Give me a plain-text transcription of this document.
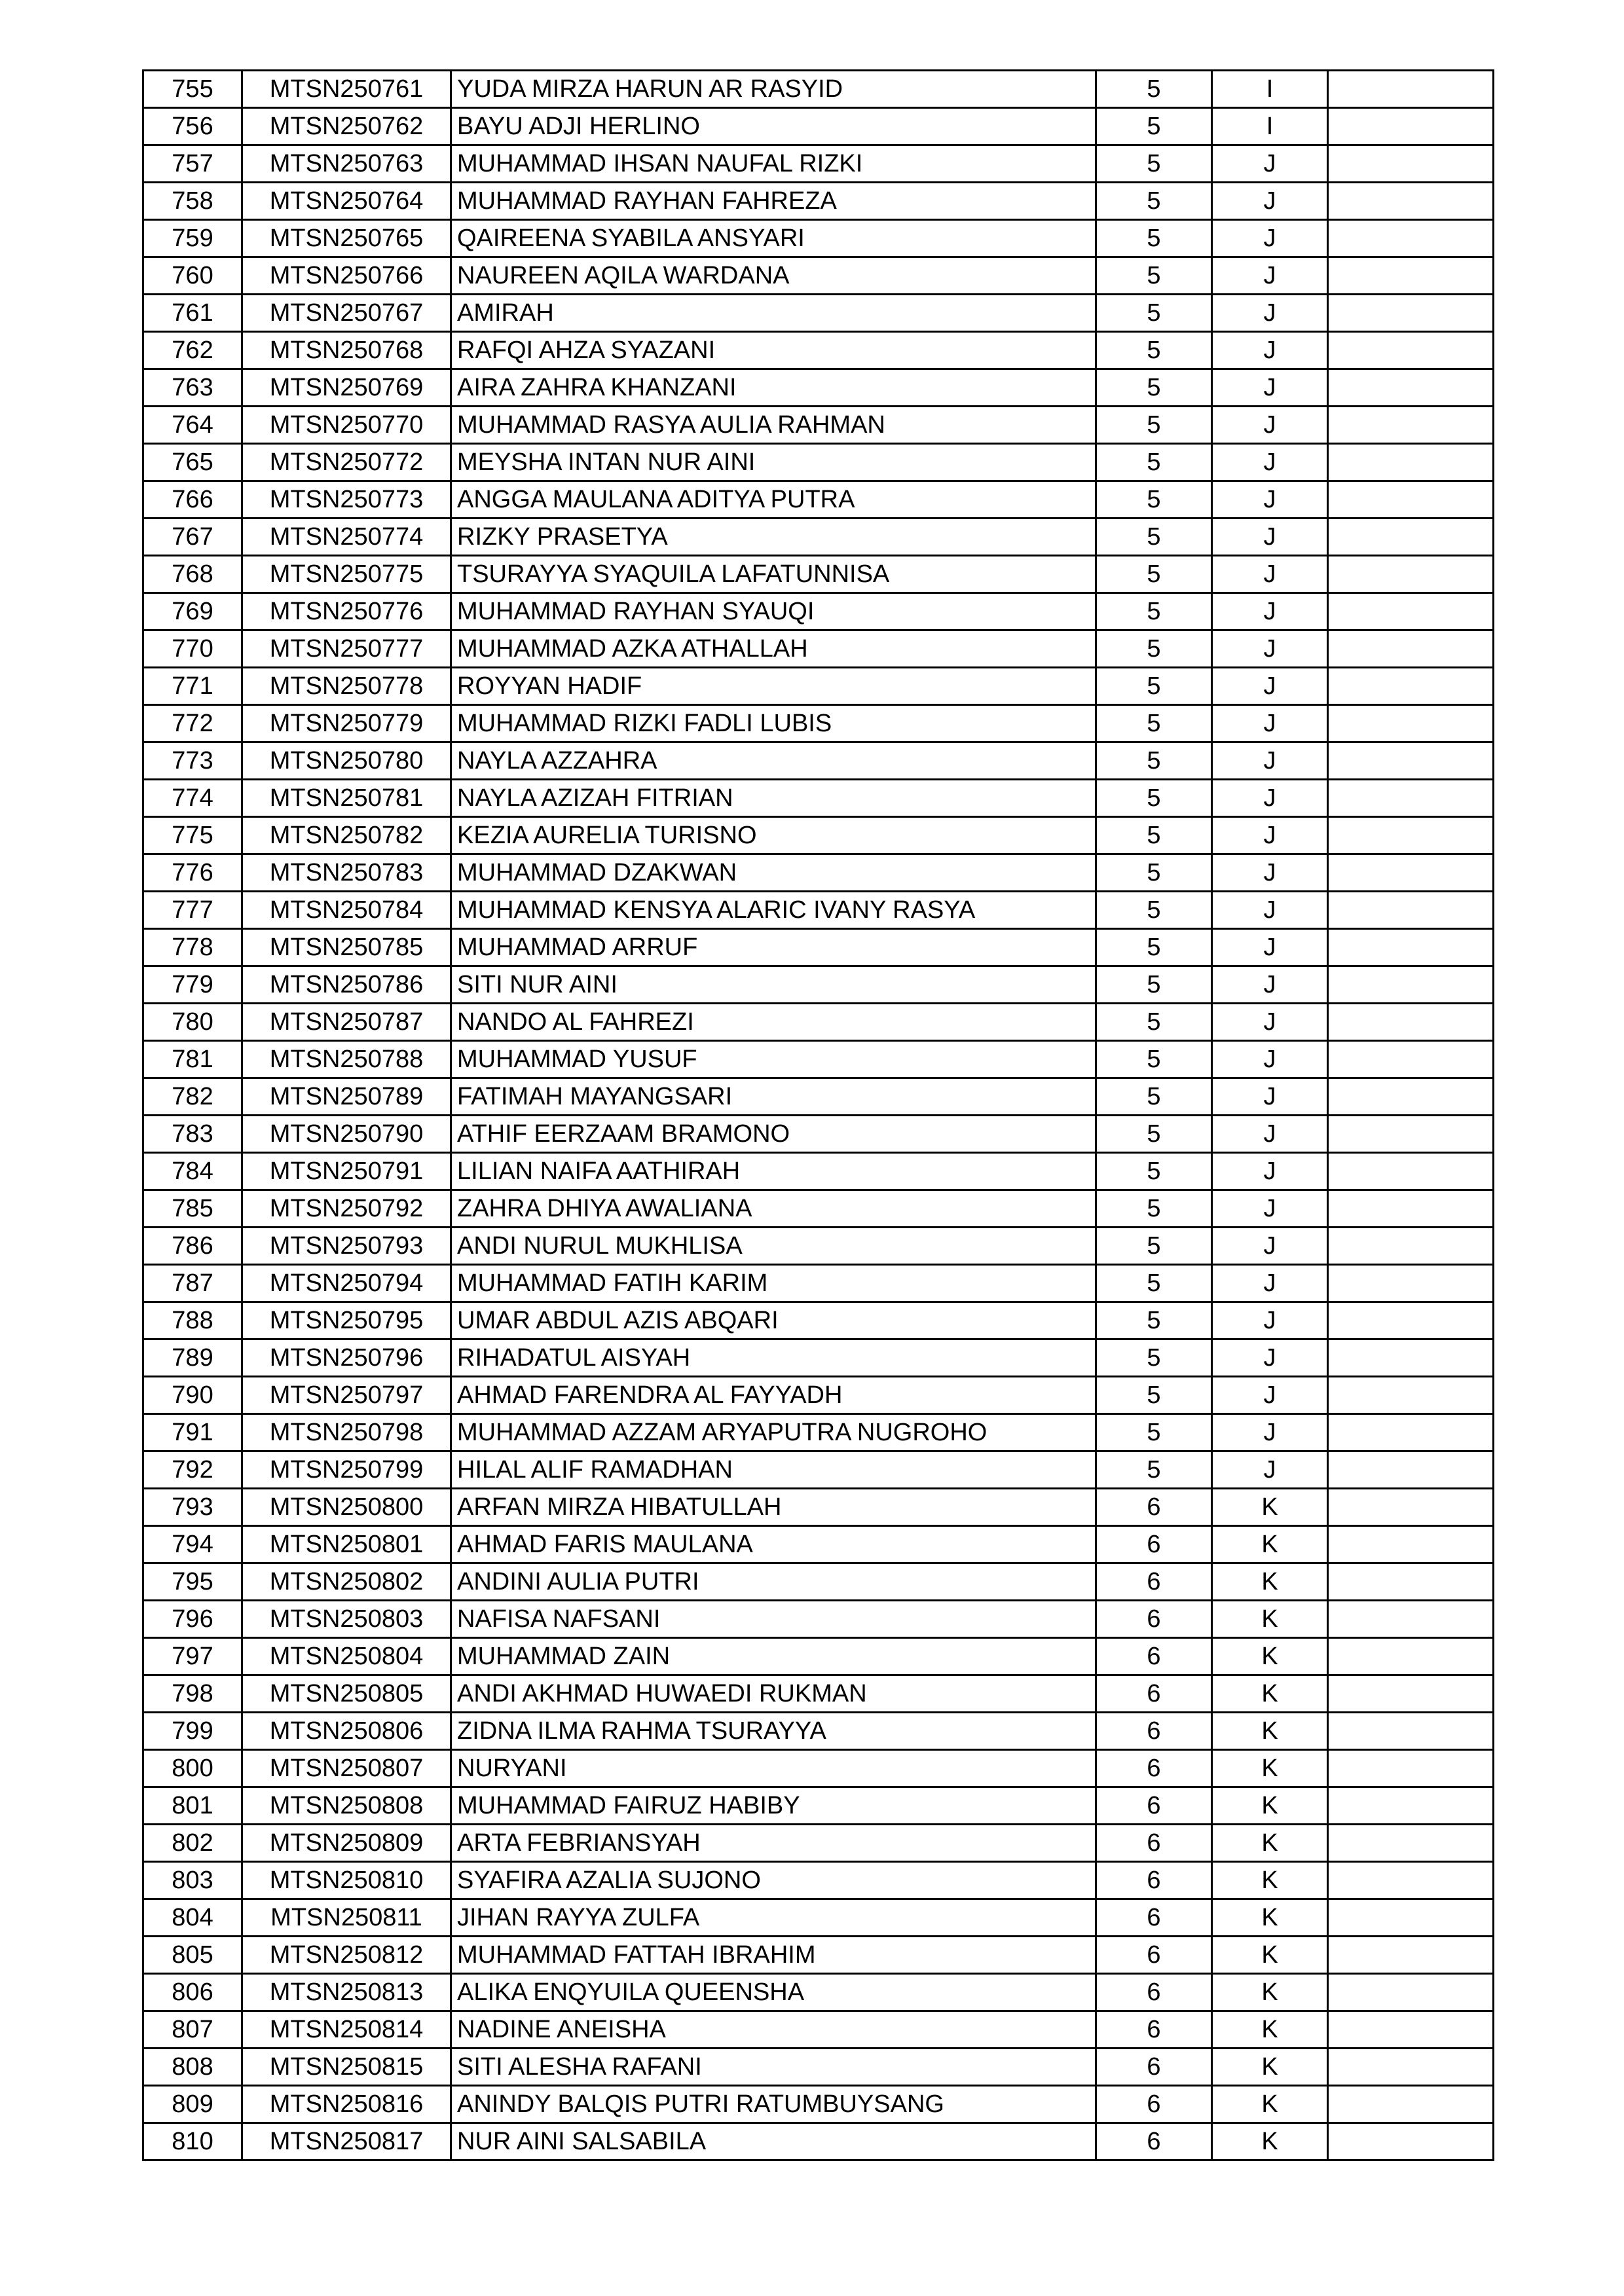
755	MTSN250761	YUDA MIRZA HARUN AR RASYID	5	I	
756	MTSN250762	BAYU ADJI HERLINO	5	I	
757	MTSN250763	MUHAMMAD IHSAN NAUFAL RIZKI	5	J	
758	MTSN250764	MUHAMMAD RAYHAN FAHREZA	5	J	
759	MTSN250765	QAIREENA SYABILA ANSYARI	5	J	
760	MTSN250766	NAUREEN AQILA WARDANA	5	J	
761	MTSN250767	AMIRAH	5	J	
762	MTSN250768	RAFQI AHZA SYAZANI	5	J	
763	MTSN250769	AIRA ZAHRA KHANZANI	5	J	
764	MTSN250770	MUHAMMAD RASYA AULIA RAHMAN	5	J	
765	MTSN250772	MEYSHA INTAN NUR AINI	5	J	
766	MTSN250773	ANGGA MAULANA ADITYA PUTRA	5	J	
767	MTSN250774	RIZKY PRASETYA	5	J	
768	MTSN250775	TSURAYYA SYAQUILA LAFATUNNISA	5	J	
769	MTSN250776	MUHAMMAD RAYHAN SYAUQI	5	J	
770	MTSN250777	MUHAMMAD AZKA ATHALLAH	5	J	
771	MTSN250778	ROYYAN HADIF	5	J	
772	MTSN250779	MUHAMMAD RIZKI FADLI LUBIS	5	J	
773	MTSN250780	NAYLA AZZAHRA	5	J	
774	MTSN250781	NAYLA AZIZAH FITRIAN	5	J	
775	MTSN250782	KEZIA AURELIA TURISNO	5	J	
776	MTSN250783	MUHAMMAD DZAKWAN	5	J	
777	MTSN250784	MUHAMMAD KENSYA ALARIC IVANY RASYA	5	J	
778	MTSN250785	MUHAMMAD ARRUF	5	J	
779	MTSN250786	SITI NUR AINI	5	J	
780	MTSN250787	NANDO AL FAHREZI	5	J	
781	MTSN250788	MUHAMMAD YUSUF	5	J	
782	MTSN250789	FATIMAH MAYANGSARI	5	J	
783	MTSN250790	ATHIF EERZAAM BRAMONO	5	J	
784	MTSN250791	LILIAN NAIFA AATHIRAH	5	J	
785	MTSN250792	ZAHRA DHIYA AWALIANA	5	J	
786	MTSN250793	ANDI NURUL MUKHLISA	5	J	
787	MTSN250794	MUHAMMAD FATIH KARIM	5	J	
788	MTSN250795	UMAR ABDUL AZIS ABQARI	5	J	
789	MTSN250796	RIHADATUL AISYAH	5	J	
790	MTSN250797	AHMAD FARENDRA AL FAYYADH	5	J	
791	MTSN250798	MUHAMMAD AZZAM ARYAPUTRA NUGROHO	5	J	
792	MTSN250799	HILAL ALIF RAMADHAN	5	J	
793	MTSN250800	ARFAN MIRZA HIBATULLAH	6	K	
794	MTSN250801	AHMAD FARIS MAULANA	6	K	
795	MTSN250802	ANDINI AULIA PUTRI	6	K	
796	MTSN250803	NAFISA NAFSANI	6	K	
797	MTSN250804	MUHAMMAD ZAIN	6	K	
798	MTSN250805	ANDI AKHMAD HUWAEDI RUKMAN	6	K	
799	MTSN250806	ZIDNA ILMA RAHMA TSURAYYA	6	K	
800	MTSN250807	NURYANI	6	K	
801	MTSN250808	MUHAMMAD FAIRUZ HABIBY	6	K	
802	MTSN250809	ARTA FEBRIANSYAH	6	K	
803	MTSN250810	SYAFIRA AZALIA SUJONO	6	K	
804	MTSN250811	JIHAN RAYYA ZULFA	6	K	
805	MTSN250812	MUHAMMAD FATTAH IBRAHIM	6	K	
806	MTSN250813	ALIKA ENQYUILA QUEENSHA	6	K	
807	MTSN250814	NADINE ANEISHA	6	K	
808	MTSN250815	SITI ALESHA RAFANI	6	K	
809	MTSN250816	ANINDY BALQIS PUTRI RATUMBUYSANG	6	K	
810	MTSN250817	NUR AINI SALSABILA	6	K	
